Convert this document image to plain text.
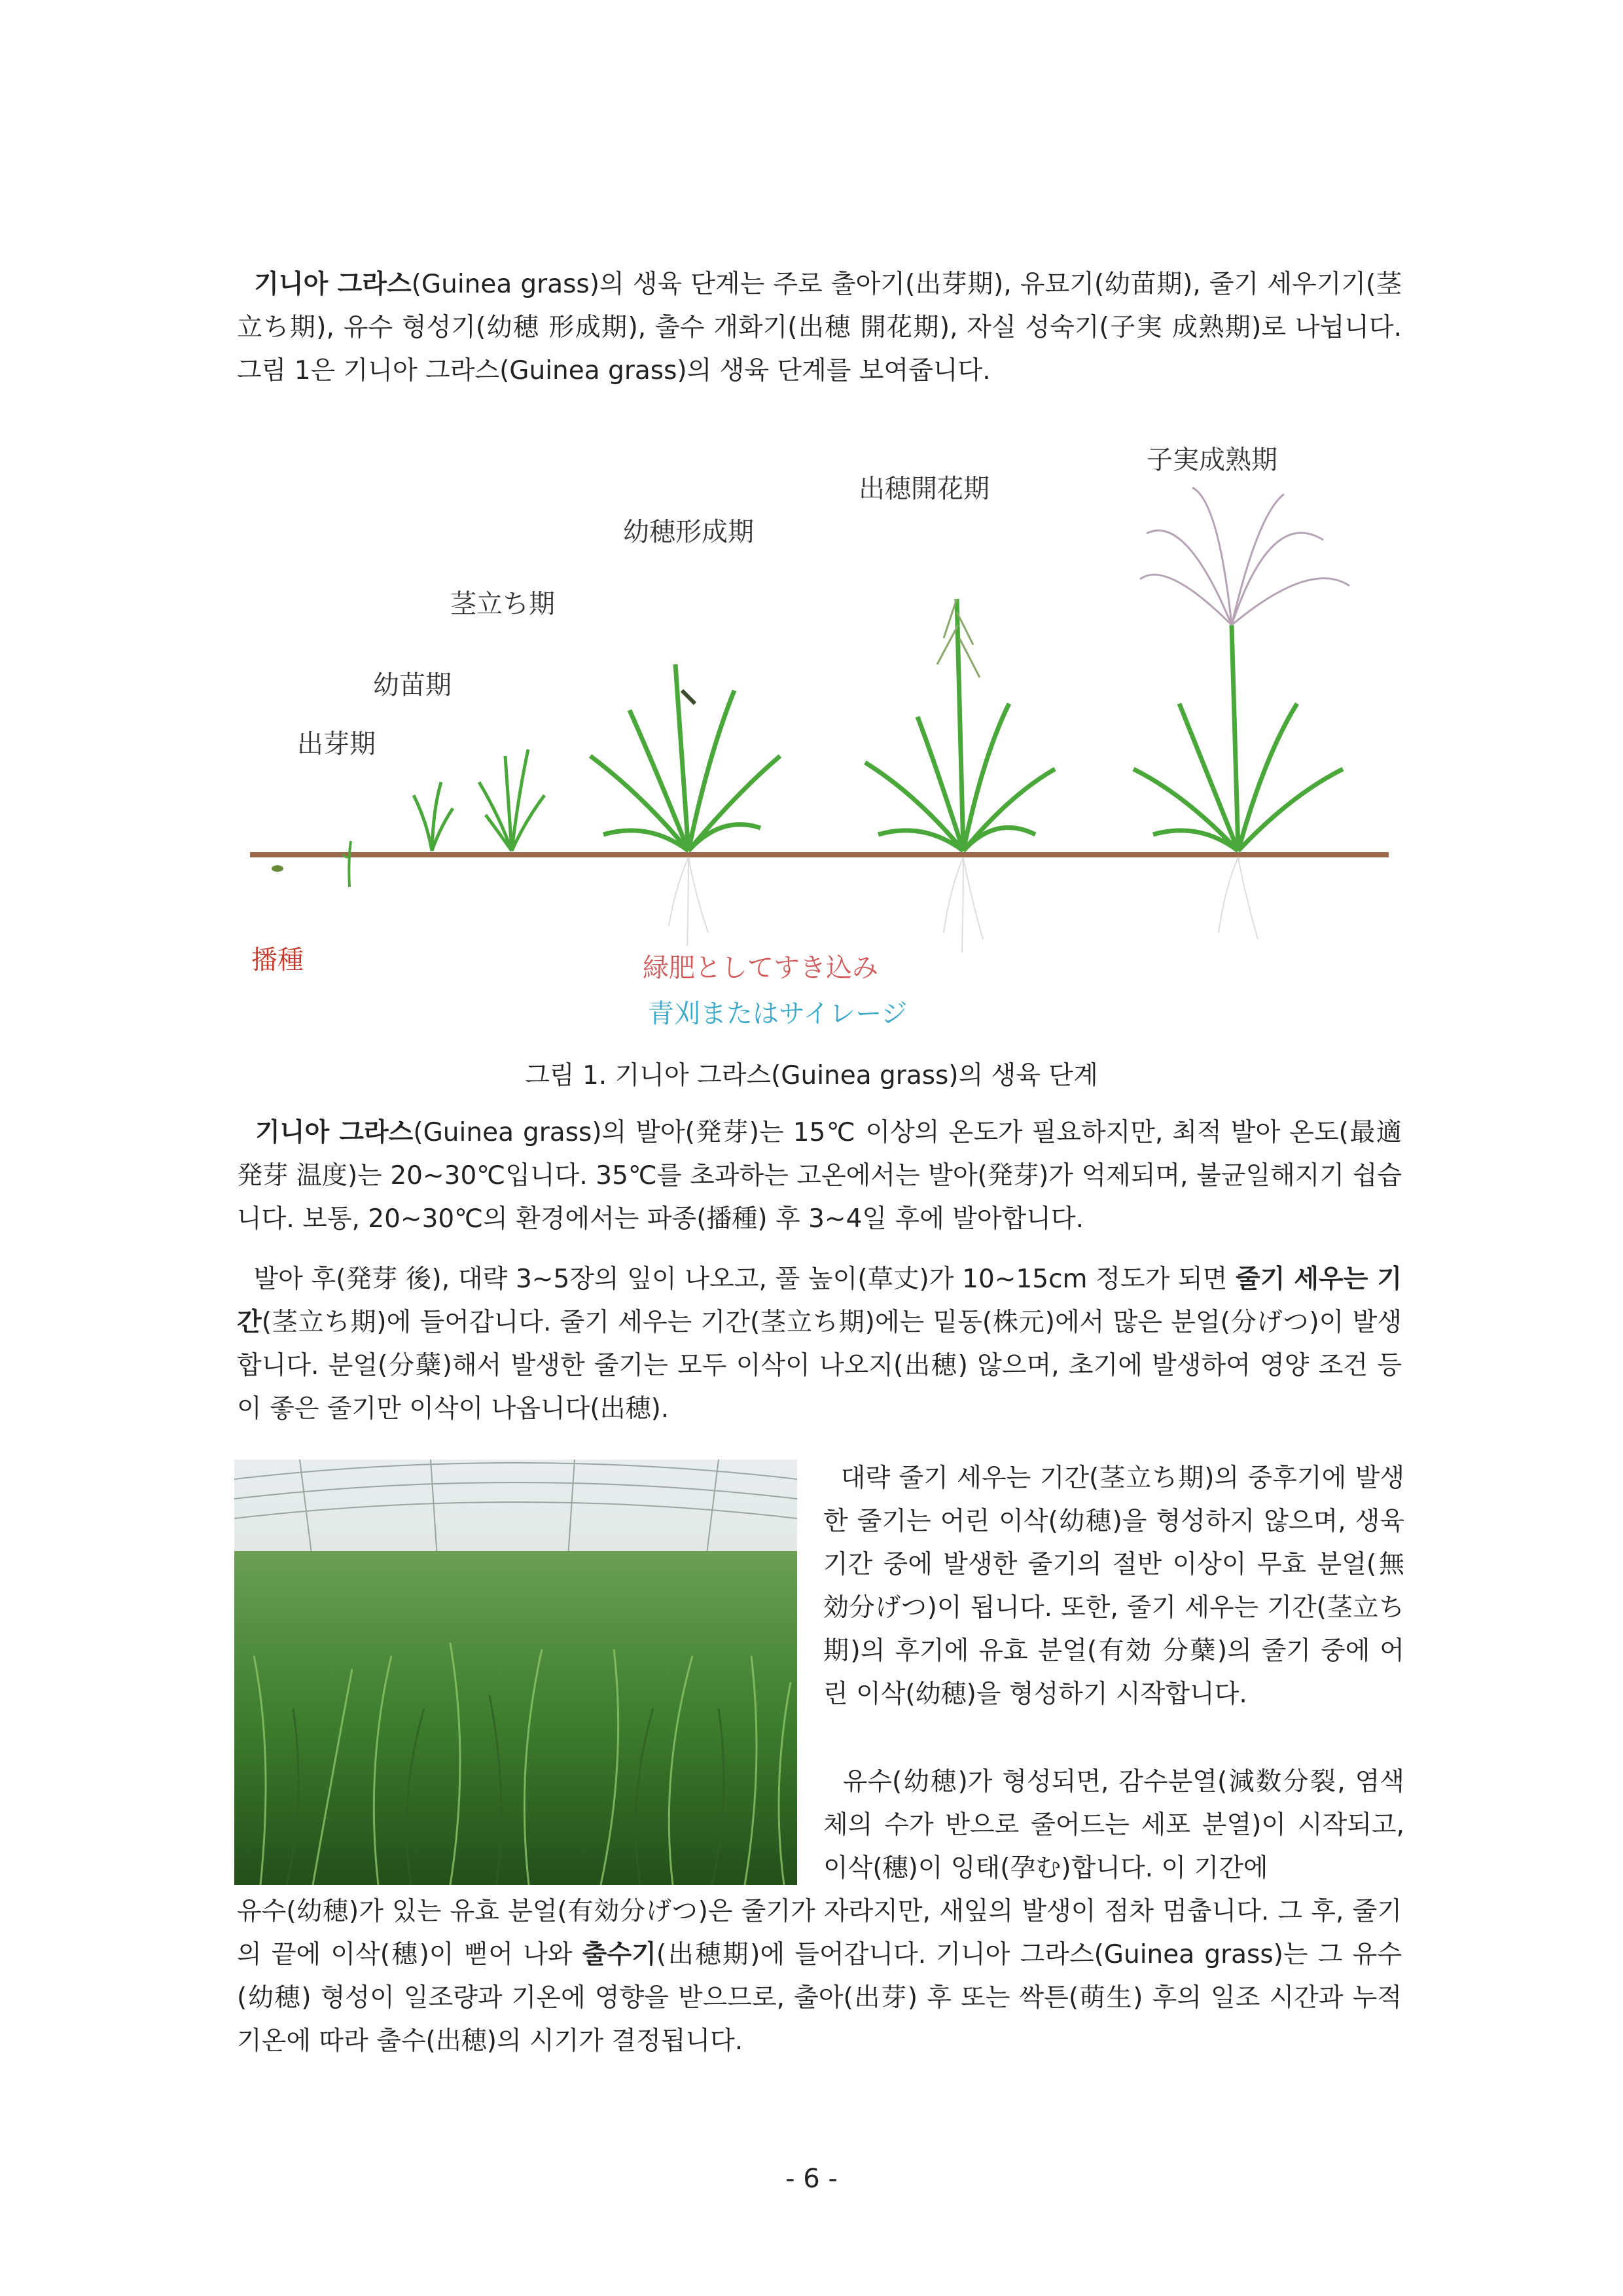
기니아 그라스(Guinea grass)의 생육 단계는 주로 출아기(出芽期), 유묘기(幼苗期), 줄기 세우기기(茎立ち期), 유수 형성기(幼穂 形成期), 출수 개화기(出穂 開花期), 자실 성숙기(子実 成熟期)로 나뉩니다. 그림 1은 기니아 그라스(Guinea grass)의 생육 단계를 보여줍니다.
出芽期
幼苗期
茎立ち期
幼穂形成期
出穂開花期
子実成熟期
播種	緑肥としてすき込み
青刈またはサイレージ
그림 1. 기니아 그라스(Guinea grass)의 생육 단계
기니아 그라스(Guinea grass)의 발아(発芽)는 15℃ 이상의 온도가 필요하지만, 최적 발아 온도(最適 発芽 温度)는 20~30℃입니다. 35℃를 초과하는 고온에서는 발아(発芽)가 억제되며, 불균일해지기 쉽습니다. 보통, 20~30℃의 환경에서는 파종(播種) 후 3~4일 후에 발아합니다.
발아 후(発芽 後), 대략 3~5장의 잎이 나오고, 풀 높이(草丈)가 10~15cm 정도가 되면 줄기 세우는 기간(茎立ち期)에 들어갑니다. 줄기 세우는 기간(茎立ち期)에는 밑동(株元)에서 많은 분얼(分げつ)이 발생합니다. 분얼(分蘖)해서 발생한 줄기는 모두 이삭이 나오지(出穂) 않으며, 초기에 발생하여 영양 조건 등이 좋은 줄기만 이삭이 나옵니다(出穂).
대략 줄기 세우는 기간(茎立ち期)의 중후기에 발생한 줄기는 어린 이삭(幼穂)을 형성하지 않으며, 생육 기간 중에 발생한 줄기의 절반 이상이 무효 분얼(無効分げつ)이 됩니다. 또한, 줄기 세우는 기간(茎立ち期)의 후기에 유효 분얼(有効 分蘖)의 줄기 중에 어린 이삭(幼穂)을 형성하기 시작합니다.
유수(幼穂)가 형성되면, 감수분열(減数分裂, 염색체의 수가 반으로 줄어드는 세포 분열)이 시작되고, 이삭(穗)이 잉태(孕む)합니다. 이 기간에
유수(幼穂)가 있는 유효 분얼(有効分げつ)은 줄기가 자라지만, 새잎의 발생이 점차 멈춥니다. 그 후, 줄기의 끝에 이삭(穗)이 뻗어 나와 출수기(出穂期)에 들어갑니다. 기니아 그라스(Guinea grass)는 그 유수(幼穂) 형성이 일조량과 기온에 영향을 받으므로, 출아(出芽) 후 또는 싹튼(萌生) 후의 일조 시간과 누적 기온에 따라 출수(出穂)의 시기가 결정됩니다.
- 6 -
